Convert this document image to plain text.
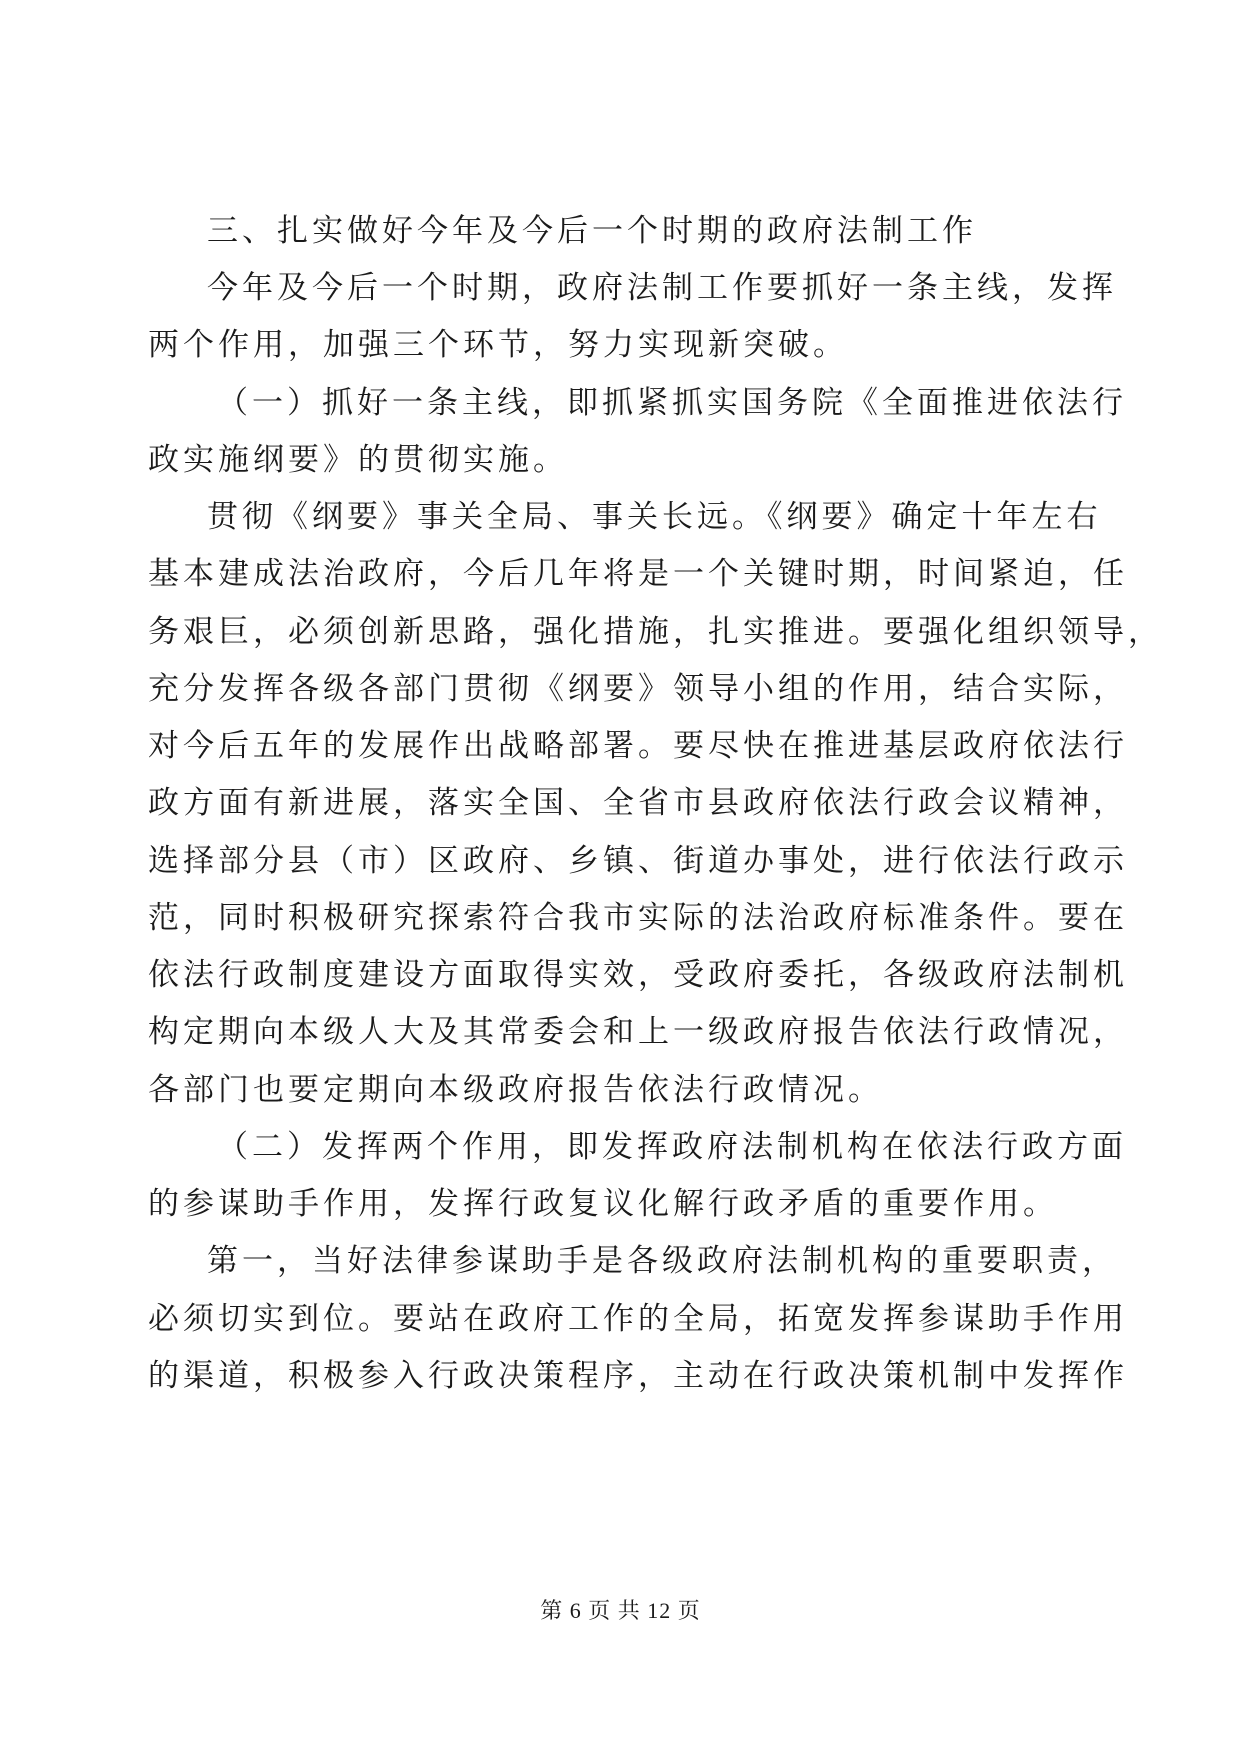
三、扎实做好今年及今后一个时期的政府法制工作
今年及今后一个时期，政府法制工作要抓好一条主线，发挥
两个作用，加强三个环节，努力实现新突破。
（一）抓好一条主线，即抓紧抓实国务院《全面推进依法行
政实施纲要》的贯彻实施。
贯彻《纲要》事关全局、事关长远。《纲要》确定十年左右
基本建成法治政府，今后几年将是一个关键时期，时间紧迫，任
务艰巨，必须创新思路，强化措施，扎实推进。要强化组织领导，
充分发挥各级各部门贯彻《纲要》领导小组的作用，结合实际，
对今后五年的发展作出战略部署。要尽快在推进基层政府依法行
政方面有新进展，落实全国、全省市县政府依法行政会议精神，
选择部分县（市）区政府、乡镇、街道办事处，进行依法行政示
范，同时积极研究探索符合我市实际的法治政府标准条件。要在
依法行政制度建设方面取得实效，受政府委托，各级政府法制机
构定期向本级人大及其常委会和上一级政府报告依法行政情况，
各部门也要定期向本级政府报告依法行政情况。
（二）发挥两个作用，即发挥政府法制机构在依法行政方面
的参谋助手作用，发挥行政复议化解行政矛盾的重要作用。
第一，当好法律参谋助手是各级政府法制机构的重要职责，
必须切实到位。要站在政府工作的全局，拓宽发挥参谋助手作用
的渠道，积极参入行政决策程序，主动在行政决策机制中发挥作
第 6 页 共 12 页
